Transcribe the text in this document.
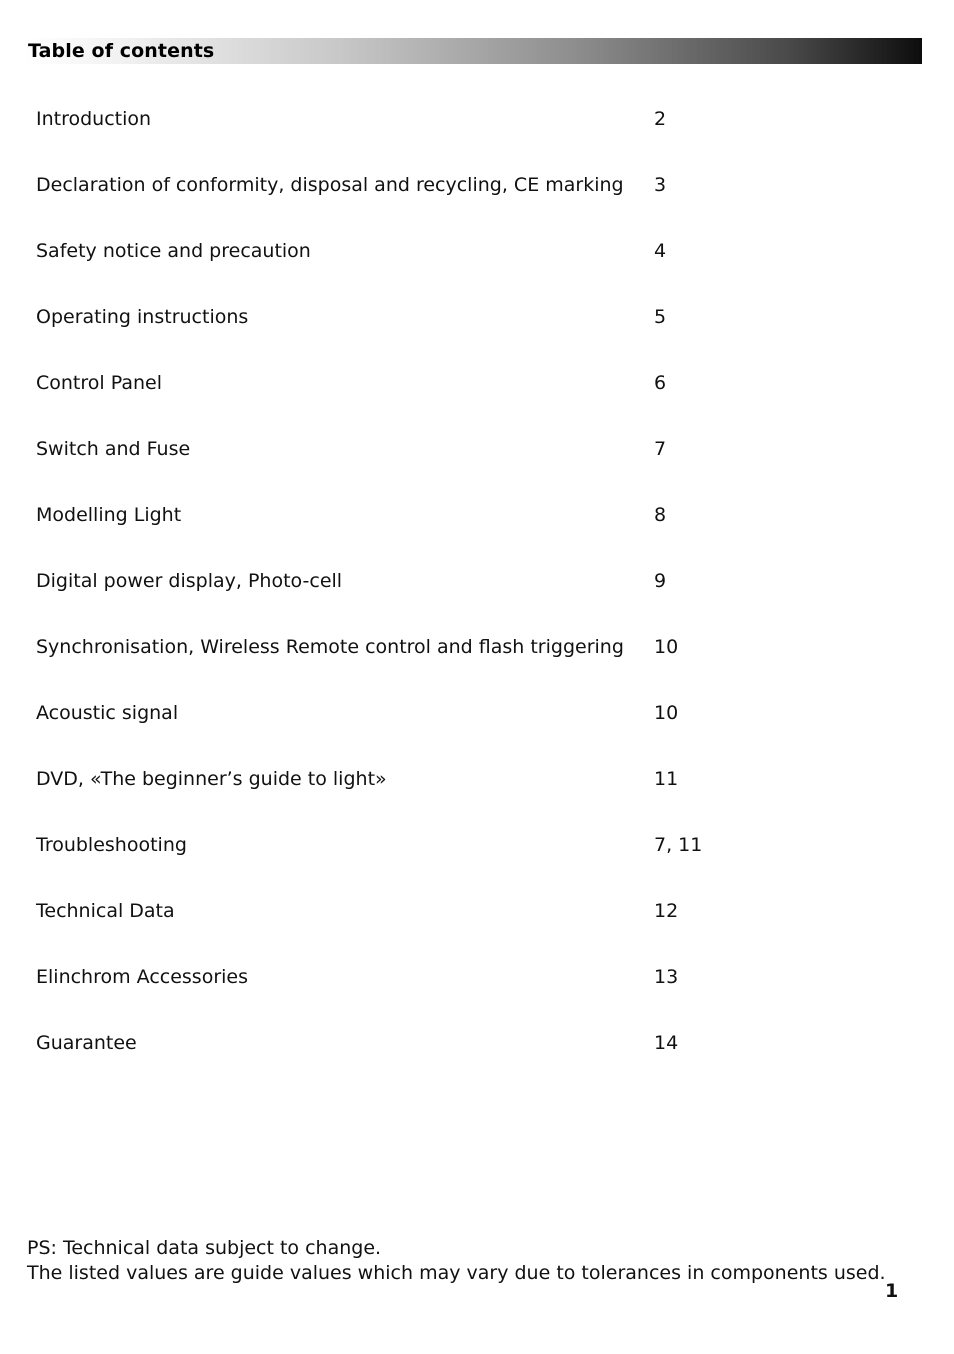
Table of contents
Introduction	2
Declaration of conformity, disposal and recycling, CE marking 3
Safety notice and precaution	4
Operating instructions	5
Control Panel	6
Switch and Fuse	7
Modelling Light	8
Digital power display, Photo-cell	9
Synchronisation, Wireless Remote control and flash triggering 10
Acoustic signal	10
DVD, «The beginner’s guide to light»	11
Troubleshooting	7, 11
Technical Data	12
Elinchrom Accessories	13
Guarantee	14
PS: Technical data subject to change.
The listed values are guide values which may vary due to tolerances in components used.
1
